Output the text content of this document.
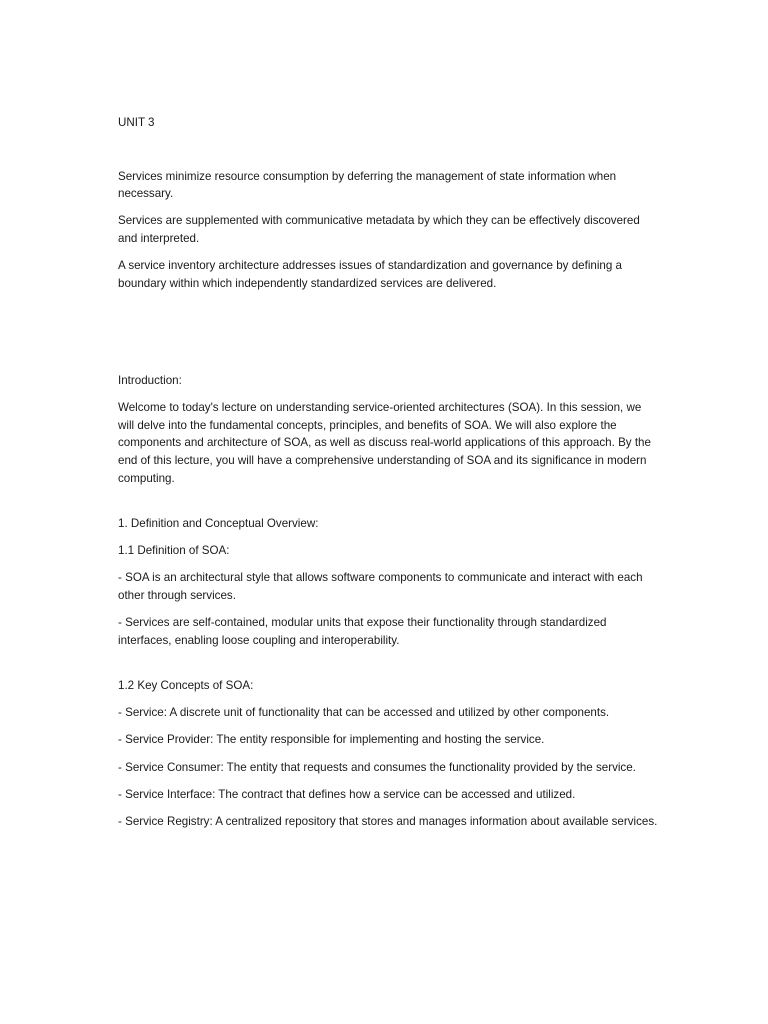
UNIT 3

Services minimize resource consumption by deferring the management of state information when necessary.

Services are supplemented with communicative metadata by which they can be effectively discovered and interpreted.

A service inventory architecture addresses issues of standardization and governance by defining a boundary within which independently standardized services are delivered.

Introduction:

Welcome to today's lecture on understanding service-oriented architectures (SOA). In this session, we will delve into the fundamental concepts, principles, and benefits of SOA. We will also explore the components and architecture of SOA, as well as discuss real-world applications of this approach. By the end of this lecture, you will have a comprehensive understanding of SOA and its significance in modern computing.

1. Definition and Conceptual Overview:

1.1 Definition of SOA:

- SOA is an architectural style that allows software components to communicate and interact with each other through services.

- Services are self-contained, modular units that expose their functionality through standardized interfaces, enabling loose coupling and interoperability.

1.2 Key Concepts of SOA:

- Service: A discrete unit of functionality that can be accessed and utilized by other components.

- Service Provider: The entity responsible for implementing and hosting the service.

- Service Consumer: The entity that requests and consumes the functionality provided by the service.

- Service Interface: The contract that defines how a service can be accessed and utilized.

- Service Registry: A centralized repository that stores and manages information about available services.
